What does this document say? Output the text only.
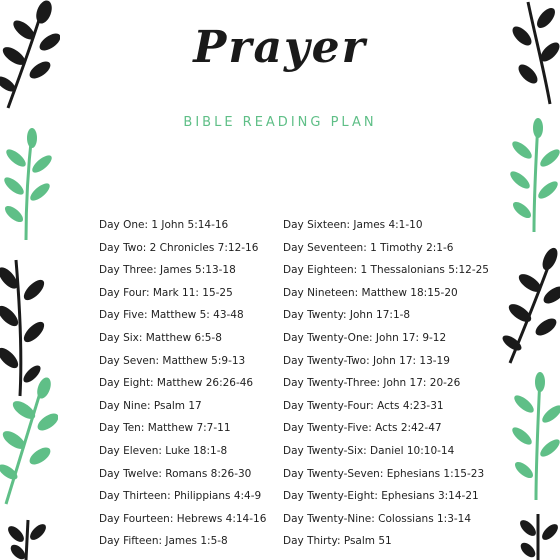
Prayer
BIBLE READING PLAN
Day One: 1 John 5:14-16
Day Two: 2 Chronicles 7:12-16
Day Three: James 5:13-18
Day Four: Mark 11: 15-25
Day Five: Matthew 5: 43-48
Day Six: Matthew 6:5-8
Day Seven: Matthew 5:9-13
Day Eight: Matthew 26:26-46
Day Nine: Psalm 17
Day Ten: Matthew 7:7-11
Day Eleven: Luke 18:1-8
Day Twelve: Romans 8:26-30
Day Thirteen: Philippians 4:4-9
Day Fourteen: Hebrews 4:14-16
Day Fifteen: James 1:5-8
Day Sixteen: James 4:1-10
Day Seventeen: 1 Timothy 2:1-6
Day Eighteen: 1 Thessalonians 5:12-25
Day Nineteen: Matthew 18:15-20
Day Twenty: John 17:1-8
Day Twenty-One: John 17: 9-12
Day Twenty-Two: John 17: 13-19
Day Twenty-Three: John 17: 20-26
Day Twenty-Four: Acts 4:23-31
Day Twenty-Five: Acts 2:42-47
Day Twenty-Six: Daniel 10:10-14
Day Twenty-Seven: Ephesians 1:15-23
Day Twenty-Eight: Ephesians 3:14-21
Day Twenty-Nine: Colossians 1:3-14
Day Thirty: Psalm 51
